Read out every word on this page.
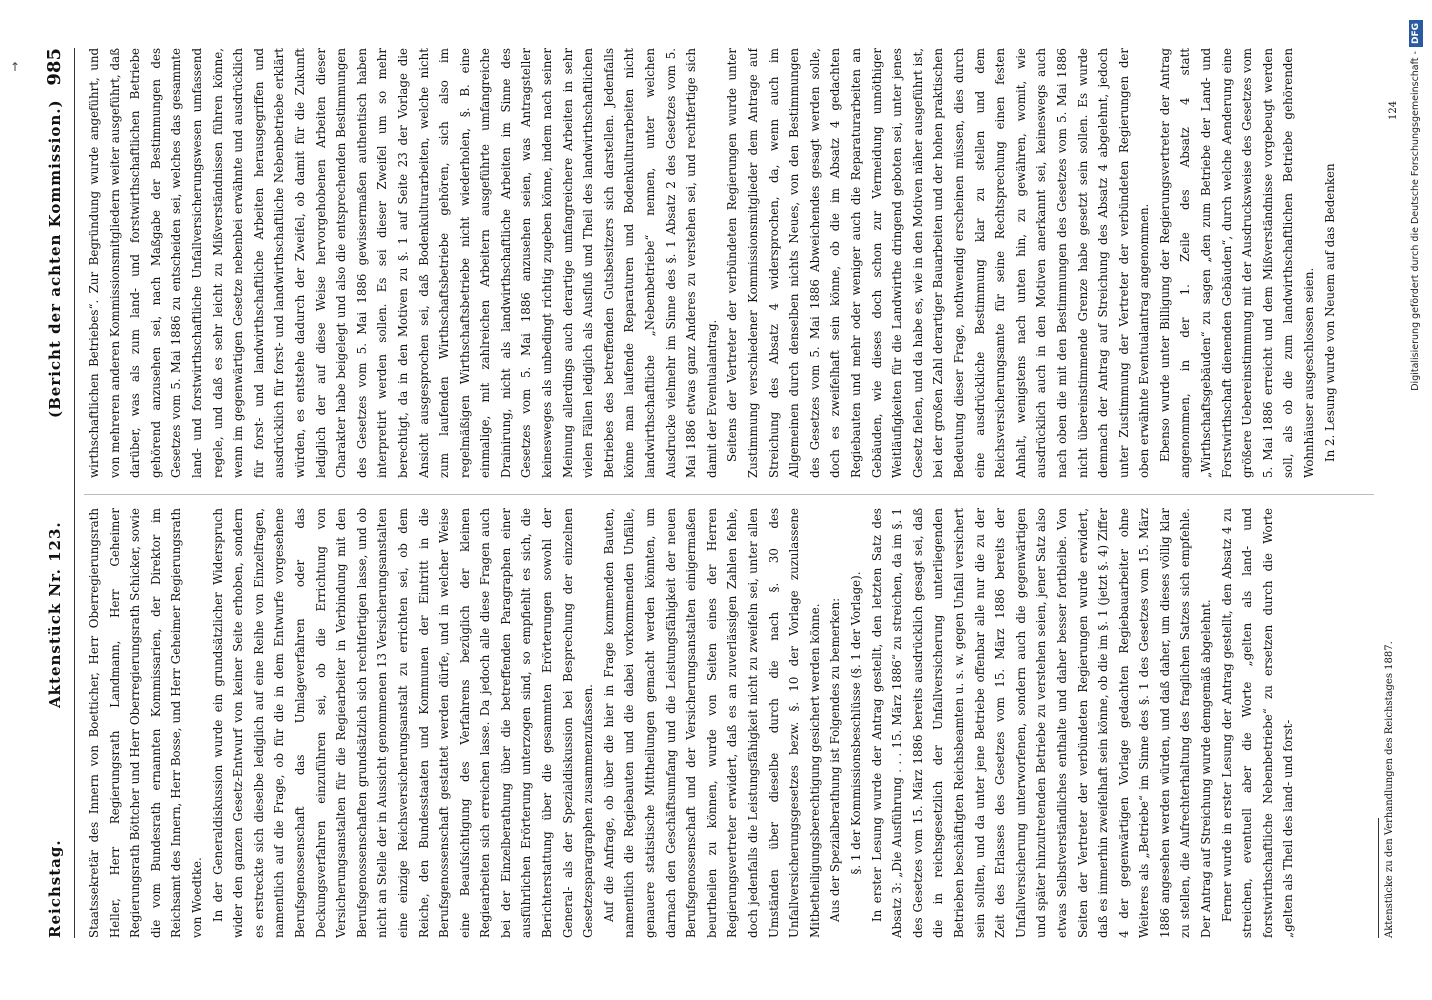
Reichstag.
Aktenstück Nr. 123.
(Bericht der achten Kommission.)
985

Staatssekretär des Innern von Boetticher, Herr Oberregierungsrath Heller, Herr Regierungsrath Landmann, Herr Geheimer Regierungsrath Böttcher und Herr Oberregierungsrath Schicker, sowie die vom Bundesrath ernannten Kommissarien, der Direktor im Reichsamt des Innern, Herr Bosse, und Herr Geheimer Regierungsrath von Woedtke. In der Generaldiskussion wurde ein grundsätzlicher Widerspruch wider den ganzen Gesetz-Entwurf von keiner Seite erhoben, sondern es erstreckte sich dieselbe lediglich auf eine Reihe von Einzelfragen, namentlich auf die Frage, ob für die in dem Entwurfe vorgesehene Berufsgenossenschaft das Umlageverfahren oder das Deckungsverfahren einzuführen sei, ob die Errichtung von Versicherungsanstalten für die Regiearbeiter in Verbindung mit den Berufsgenossenschaften grundsätzlich sich rechtfertigen lasse, und ob nicht an Stelle der in Aussicht genommenen 13 Versicherungsanstalten eine einzige Reichsversicherungsanstalt zu errichten sei, ob dem Reiche, den Bundesstaaten und Kommunen der Eintritt in die Berufsgenossenschaft gestattet werden dürfe, und in welcher Weise eine Beaufsichtigung des Verfahrens bezüglich der kleinen Regiearbeiten sich erreichen lasse. Da jedoch alle diese Fragen auch bei der Einzelberathung über die betreffenden Paragraphen einer ausführlichen Erörterung unterzogen sind, so empfiehlt es sich, die Berichterstattung über die gesammten Erörterungen sowohl der General- als der Spezialdiskussion bei Besprechung der einzelnen Gesetzesparagraphen zusammenzufassen. Auf die Anfrage, ob über die hier in Frage kommenden Bauten, namentlich die Regiebauten und die dabei vorkommenden Unfälle, genauere statistische Mittheilungen gemacht werden könnten, um darnach den Geschäftsumfang und die Leistungsfähigkeit der neuen Berufsgenossenschaft und der Versicherungsanstalten einigermaßen beurtheilen zu können, wurde von Seiten eines der Herren Regierungsvertreter erwidert, daß es an zuverlässigen Zahlen fehle, doch jedenfalls die Leistungsfähigkeit nicht zu zweifeln sei, unter allen Umständen über dieselbe durch die nach §. 30 des Unfallversicherungsgesetzes bezw. §. 10 der Vorlage zuzulassene Mitbetheiligungsberechtigung gesichert werden könne. Aus der Spezialberathung ist Folgendes zu bemerken: §. 1 der Kommissionsbeschlüsse (§. 1 der Vorlage). In erster Lesung wurde der Antrag gestellt, den letzten Satz des Absatz 3: „Die Ausführung . . . 15. März 1886“ zu streichen, da im §. 1 des Gesetzes vom 15. März 1886 bereits ausdrücklich gesagt sei, daß die in reichsgesetzlich der Unfallversicherung unterliegenden Betrieben beschäftigten Reichsbeamten u. s. w. gegen Unfall versichert sein sollten, und da unter jene Betriebe offenbar alle nur die zu der Zeit des Erlasses des Gesetzes vom 15. März 1886 bereits der Unfallversicherung unterworfenen, sondern auch die gegenwärtigen und später hinzutretenden Betriebe zu verstehen seien, jener Satz also etwas Selbstverständliches enthalte und daher besser fortbleibe. Von Seiten der Vertreter der verbündeten Regierungen wurde erwidert, daß es immerhin zweifelhaft sein könne, ob die im §. 1 (jetzt §. 4) Ziffer 4 der gegenwärtigen Vorlage gedachten Regiebauarbeiter ohne Weiteres als „Betriebe“ im Sinne des §. 1 des Gesetzes vom 15. März 1886 angesehen werden würden, und daß daher, um dieses völlig klar zu stellen, die Aufrechterhaltung des fraglichen Satzes sich empfehle. Der Antrag auf Streichung wurde demgemäß abgelehnt. Ferner wurde in erster Lesung der Antrag gestellt, den Absatz 4 zu streichen, eventuell aber die Worte „gelten als land- und forstwirthschaftliche Nebenbetriebe“ zu ersetzen durch die Worte „gelten als Theil des land- und forst-

wirthschaftlichen Betriebes“. Zur Begründung wurde angeführt, und von mehreren anderen Kommissionsmitgliedern weiter ausgeführt, daß darüber, was als zum land- und forstwirthschaftlichen Betriebe gehörend anzusehen sei, nach Maßgabe der Bestimmungen des Gesetzes vom 5. Mai 1886 zu entscheiden sei, welches das gesammte land- und forstwirthschaftliche Unfallversicherungswesen umfassend regele, und daß es sehr leicht zu Mißverständnissen führen könne, wenn im gegenwärtigen Gesetze nebenbei erwähnte und ausdrücklich für forst- und landwirthschaftliche Arbeiten herausgegriffen und ausdrücklich für forst- und landwirthschaftliche Nebenbetriebe erklärt würden, es entstehe dadurch der Zweifel, ob damit für die Zukunft lediglich der auf diese Weise hervorgehobenen Arbeiten dieser Charakter habe beigelegt und also die entsprechenden Bestimmungen des Gesetzes vom 5. Mai 1886 gewissermaßen authentisch haben interpretirt werden sollen. Es sei dieser Zweifel um so mehr berechtigt, da in den Motiven zu §. 1 auf Seite 23 der Vorlage die Ansicht ausgesprochen sei, daß Bodenkulturarbeiten, welche nicht zum laufenden Wirthschaftsbetriebe gehören, sich also im regelmäßigen Wirthschaftsbetriebe nicht wiederholen, §. B. eine einmalige, mit zahlreichen Arbeitern ausgeführte umfangreiche Drainirung, nicht als landwirthschaftliche Arbeiten im Sinne des Gesetzes vom 5. Mai 1886 anzusehen seien, was Antragsteller keinesweges als unbedingt richtig zugeben könne, indem nach seiner Meinung allerdings auch derartige umfangreichere Arbeiten in sehr vielen Fällen lediglich als Ausfluß und Theil des landwirthschaftlichen Betriebes des betreffenden Gutsbesitzers sich darstellen. Jedenfalls könne man laufende Reparaturen und Bodenkulturarbeiten nicht landwirthschaftliche „Nebenbetriebe“ nennen, unter welchen Ausdrucke vielmehr im Sinne des §. 1 Absatz 2 des Gesetzes vom 5. Mai 1886 etwas ganz Anderes zu verstehen sei, und rechtfertige sich damit der Eventualantrag. Seitens der Vertreter der verbündeten Regierungen wurde unter Zustimmung verschiedener Kommissionsmitglieder dem Antrage auf Streichung des Absatz 4 widersprochen, da, wenn auch im Allgemeinen durch denselben nichts Neues, von den Bestimmungen des Gesetzes vom 5. Mai 1886 Abweichendes gesagt werden solle, doch es zweifelhaft sein könne, ob die im Absatz 4 gedachten Regiebauten und mehr oder weniger auch die Reparaturarbeiten an Gebäuden, wie dieses doch schon zur Vermeidung unnöthiger Weitläufigkeiten für die Landwirthe dringend geboten sei, unter jenes Gesetz fielen, und da habe es, wie in den Motiven näher ausgeführt ist, bei der großen Zahl derartiger Bauarbeiten und der hohen praktischen Bedeutung dieser Frage, nothwendig erscheinen müssen, dies durch eine ausdrückliche Bestimmung klar zu stellen und dem Reichsversicherungsamte für seine Rechtsprechung einen festen Anhalt, wenigstens nach unten hin, zu gewähren, womit, wie ausdrücklich auch in den Motiven anerkannt sei, keineswegs auch nach oben die mit den Bestimmungen des Gesetzes vom 5. Mai 1886 nicht übereinstimmende Grenze habe gesetzt sein sollen. Es wurde demnach der Antrag auf Streichung des Absatz 4 abgelehnt, jedoch unter Zustimmung der Vertreter der verbündeten Regierungen der oben erwähnte Eventualantrag angenommen. Ebenso wurde unter Billigung der Regierungsvertreter der Antrag angenommen, in der 1. Zeile des Absatz 4 statt „Wirthschaftsgebäuden“ zu sagen „den zum Betriebe der Land- und Forstwirthschaft dienenden Gebäuden“, durch welche Aenderung eine größere Uebereinstimmung mit der Ausdrucksweise des Gesetzes vom 5. Mai 1886 erreicht und dem Mißverständnisse vorgebeugt werden soll, als ob die zum landwirthschaftlichen Betriebe gehörenden Wohnhäuser ausgeschlossen seien. In 2. Lesung wurde von Neuem auf das Bedenken

Aktenstücke zu den Verhandlungen des Reichstages 1887.
124
↑	Digitalisierung gefördert durch die Deutsche Forschungsgemeinschaft -DFG
